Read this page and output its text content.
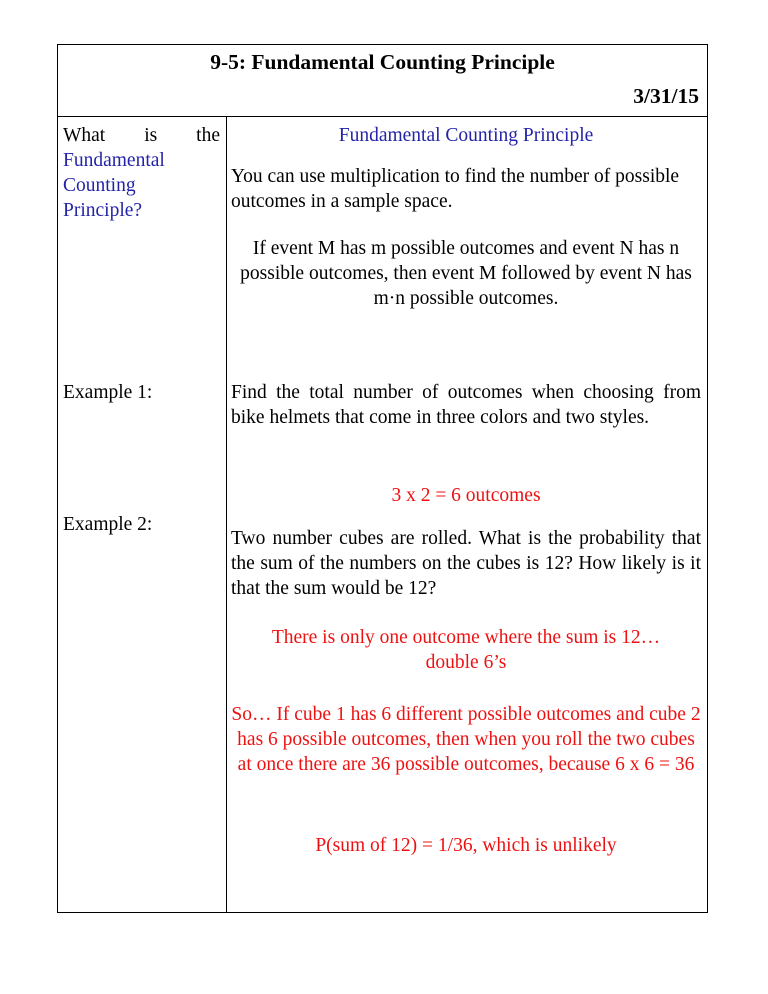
9-5: Fundamental Counting Principle
3/31/15
What is the
Fundamental Counting Principle?
Example 1:
Example 2:
Fundamental Counting Principle
You can use multiplication to find the number of possible outcomes in a sample space.
If event M has m possible outcomes and event N has n possible outcomes, then event M followed by event N has m·n possible outcomes.
Find the total number of outcomes when choosing from bike helmets that come in three colors and two styles.
3 x 2 = 6 outcomes
Two number cubes are rolled. What is the probability that the sum of the numbers on the cubes is 12? How likely is it that the sum would be 12?
There is only one outcome where the sum is 12…double 6’s
So… If cube 1 has 6 different possible outcomes and cube 2 has 6 possible outcomes, then when you roll the two cubes at once there are 36 possible outcomes, because 6 x 6 = 36
P(sum of 12) = 1/36, which is unlikely
